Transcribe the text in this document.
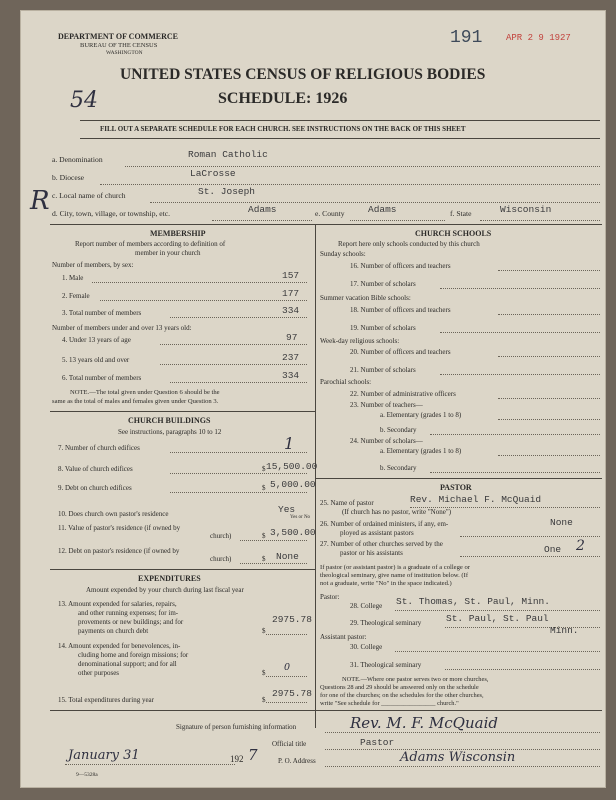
DEPARTMENT OF COMMERCE
BUREAU OF THE CENSUS
WASHINGTON
191	APR 2 9 1927
54
UNITED STATES CENSUS OF RELIGIOUS BODIES
SCHEDULE: 1926
FILL OUT A SEPARATE SCHEDULE FOR EACH CHURCH. SEE INSTRUCTIONS ON THE BACK OF THIS SHEET
R
a. Denomination	Roman Catholic
b. Diocese	LaCrosse
c. Local name of church	St. Joseph
d. City, town, village, or township, etc.	Adams	e. County Adams	f. State	Wisconsin
MEMBERSHIP
Report number of members according to definition of
member in your church
Number of members, by sex:
1. Male	157
2. Female	177
3. Total number of members	334
Number of members under and over 13 years old:
4. Under 13 years of age	97
5. 13 years old and over	237
6. Total number of members	334
NOTE.—The total given under Question 6 should be the
same as the total of males and females given under Question 3.
CHURCH BUILDINGS
See instructions, paragraphs 10 to 12
7. Number of church edifices	1
8. Value of church edifices	$ 15,500.00
9. Debt on church edifices	$ 5,000.00
10. Does church own pastor's residence	Yes
Yes or No
11. Value of pastor's residence (if owned by
church)	$ 3,500.00
12. Debt on pastor's residence (if owned by
church)	$ None
EXPENDITURES
Amount expended by your church during last fiscal year
13. Amount expended for salaries, repairs,
and other running expenses; for im-
provements or new buildings; and for
payments on church debt	$
2975.78
14. Amount expended for benevolences, in-
cluding home and foreign missions; for
denominational support; and for all
other purposes	$ 0
15. Total expenditures during year	$
2975.78
CHURCH SCHOOLS
Report here only schools conducted by this church
Sunday schools:
16. Number of officers and teachers
17. Number of scholars
Summer vacation Bible schools:
18. Number of officers and teachers
19. Number of scholars
Week-day religious schools:
20. Number of officers and teachers
21. Number of scholars
Parochial schools:
22. Number of administrative officers
23. Number of teachers—
a. Elementary (grades 1 to 8)
b. Secondary
24. Number of scholars—
a. Elementary (grades 1 to 8)
b. Secondary
PASTOR
25. Name of pastor	Rev. Michael F. McQuaid
(If church has no pastor, write "None")
26. Number of ordained ministers, if any, em-
ployed as assistant pastors
None
27. Number of other churches served by the
pastor or his assistants	One 2
If pastor (or assistant pastor) is a graduate of a college or
theological seminary, give name of institution below. (If
not a graduate, write "No" in the space indicated.)
Pastor:
28. College St. Thomas, St. Paul, Minn.
29. Theological seminary	St. Paul, St. Paul
Minn.
Assistant pastor:
30. College
31. Theological seminary
NOTE.—Where one pastor serves two or more churches,
Questions 28 and 29 should be answered only on the schedule
for one of the churches; on the schedules for the other churches,
write "See schedule for _________________ church."
Signature of person furnishing information	Rev. M. F. McQuaid
Official title	Pastor
January 31	192 7	P. O. Address	Adams Wisconsin
9—5328a
